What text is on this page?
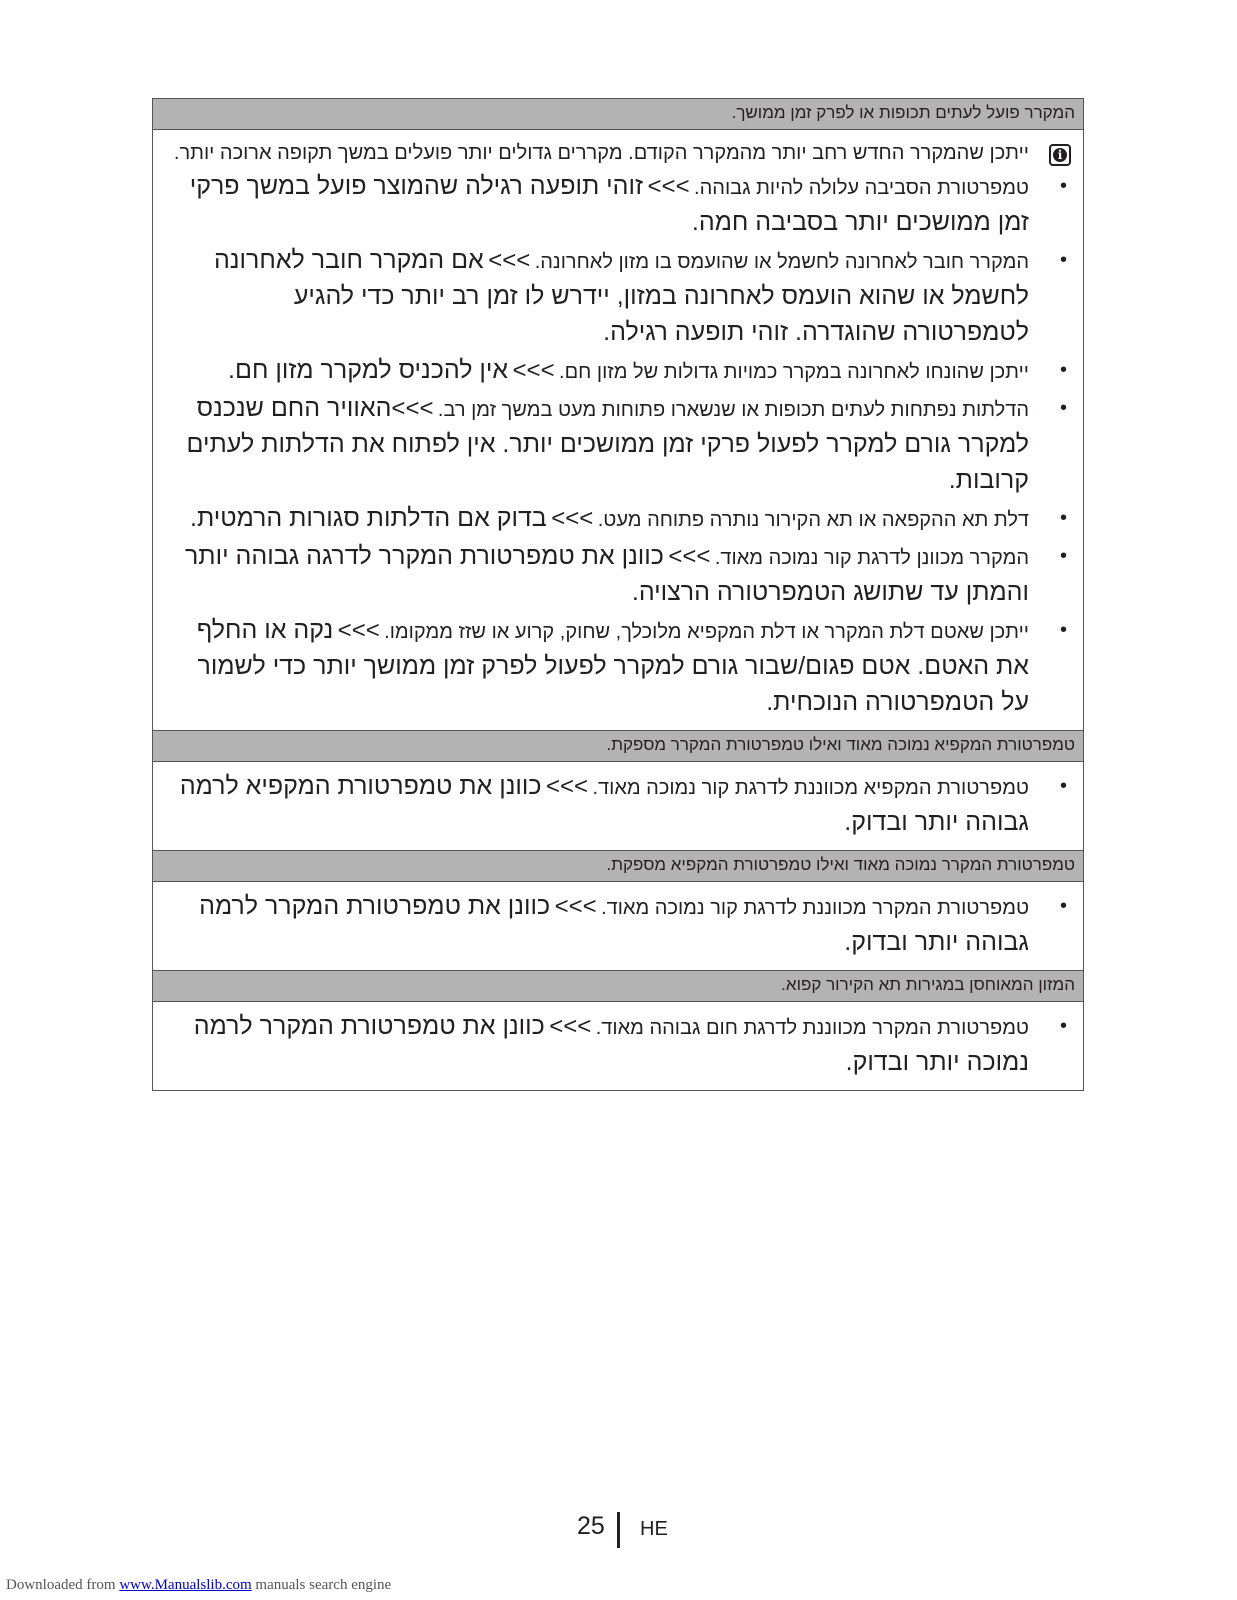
המקרר פועל לעתים תכופות או לפרק זמן ממושך.
i
ייתכן שהמקרר החדש רחב יותר מהמקרר הקודם. מקררים גדולים יותר פועלים במשך תקופה ארוכה יותר.
•
טמפרטורת הסביבה עלולה להיות גבוהה. >>> זוהי תופעה רגילה שהמוצר פועל במשך פרקי זמן ממושכים יותר בסביבה חמה.
•
המקרר חובר לאחרונה לחשמל או שהועמס בו מזון לאחרונה. >>> אם המקרר חובר לאחרונה לחשמל או שהוא הועמס לאחרונה במזון, יידרש לו זמן רב יותר כדי להגיע לטמפרטורה שהוגדרה. זוהי תופעה רגילה.
•
ייתכן שהונחו לאחרונה במקרר כמויות גדולות של מזון חם. >>> אין להכניס למקרר מזון חם.
•
הדלתות נפתחות לעתים תכופות או שנשארו פתוחות מעט במשך זמן רב. >>>האוויר החם שנכנס למקרר גורם למקרר לפעול פרקי זמן ממושכים יותר. אין לפתוח את הדלתות לעתים קרובות.
•
דלת תא ההקפאה או תא הקירור נותרה פתוחה מעט. >>> בדוק אם הדלתות סגורות הרמטית.
•
המקרר מכוונן לדרגת קור נמוכה מאוד. >>> כוונן את טמפרטורת המקרר לדרגה גבוהה יותר והמתן עד שתושג הטמפרטורה הרצויה.
•
ייתכן שאטם דלת המקרר או דלת המקפיא מלוכלך, שחוק, קרוע או שזז ממקומו. >>> נקה או החלף את האטם. אטם פגום/שבור גורם למקרר לפעול לפרק זמן ממושך יותר כדי לשמור על הטמפרטורה הנוכחית.
טמפרטורת המקפיא נמוכה מאוד ואילו טמפרטורת המקרר מספקת.
•
טמפרטורת המקפיא מכווננת לדרגת קור נמוכה מאוד. >>> כוונן את טמפרטורת המקפיא לרמה גבוהה יותר ובדוק.
טמפרטורת המקרר נמוכה מאוד ואילו טמפרטורת המקפיא מספקת.
•
טמפרטורת המקרר מכווננת לדרגת קור נמוכה מאוד. >>> כוונן את טמפרטורת המקרר לרמה גבוהה יותר ובדוק.
המזון המאוחסן במגירות תא הקירור קפוא.
•
טמפרטורת המקרר מכווננת לדרגת חום גבוהה מאוד. >>> כוונן את טמפרטורת המקרר לרמה נמוכה יותר ובדוק.
25 HE
Downloaded from www.Manualslib.com manuals search engine
